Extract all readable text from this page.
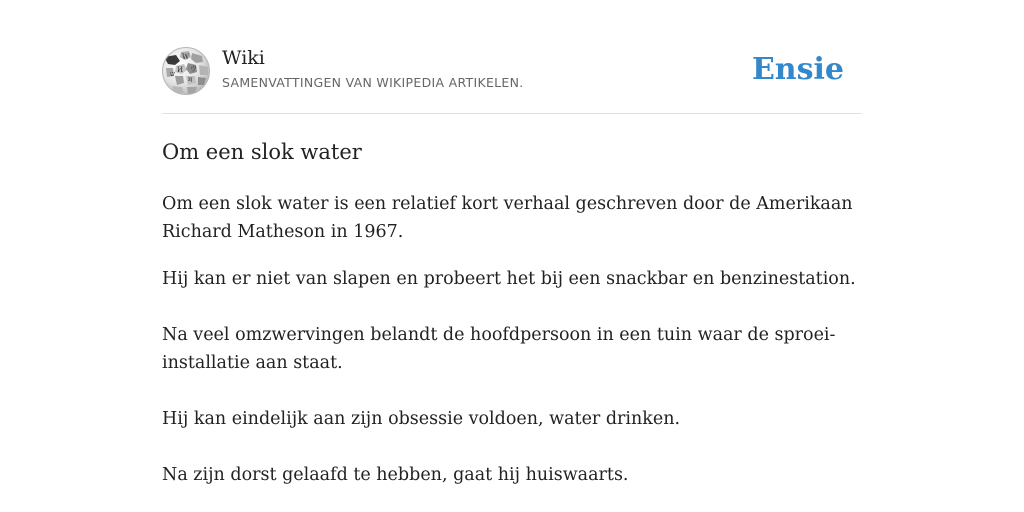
Ω W
И ウ
ש
म
Wiki
SAMENVATTINGEN VAN WIKIPEDIA ARTIKELEN.	Ensie
Om een slok water

Om een slok water is een relatief kort verhaal geschreven door de Amerikaan Richard Matheson in 1967.

Hij kan er niet van slapen en probeert het bij een snackbar en benzinestation.

Na veel omzwervingen belandt de hoofdpersoon in een tuin waar de sproei-installatie aan staat.

Hij kan eindelijk aan zijn obsessie voldoen, water drinken.

Na zijn dorst gelaafd te hebben, gaat hij huiswaarts.
